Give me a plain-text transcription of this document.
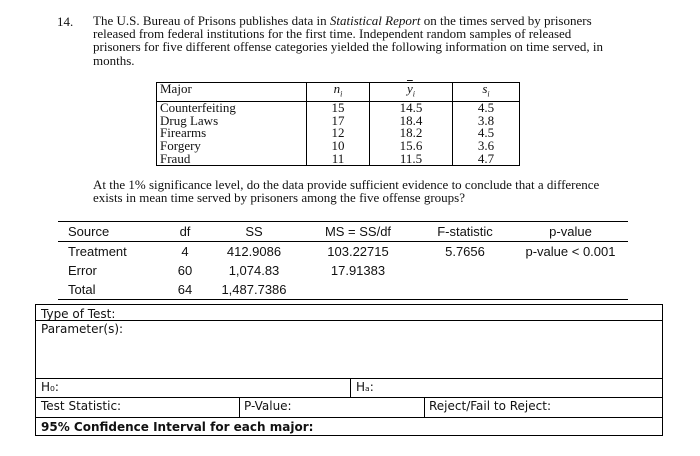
14. The U.S. Bureau of Prisons publishes data in Statistical Report on the times served by prisoners
released from federal institutions for the first time. Independent random samples of released
prisoners for five different offense categories yielded the following information on time served, in
months.
Major	$n_i$	$\overline{y}_i$	$s_i$
Counterfeiting	15	14.5	4.5
Drug Laws	17	18.4	3.8
Firearms	12	18.2	4.5
Forgery	10	15.6	3.6
Fraud	11	11.5	4.7
At the 1% significance level, do the data provide sufficient evidence to conclude that a difference
exists in mean time served by prisoners among the five offense groups?
Source	df	SS	MS = SS/df	F-statistic	p-value
Treatment	4	412.9086	103.22715	5.7656	p-value < 0.001
Error	60	1,074.83	17.91383		
Total	64	1,487.7386			
Type of Test:
Parameter(s):
H₀:	Hₐ:
Test Statistic:	P-Value:	Reject/Fail to Reject:
95% Confidence Interval for each major:
